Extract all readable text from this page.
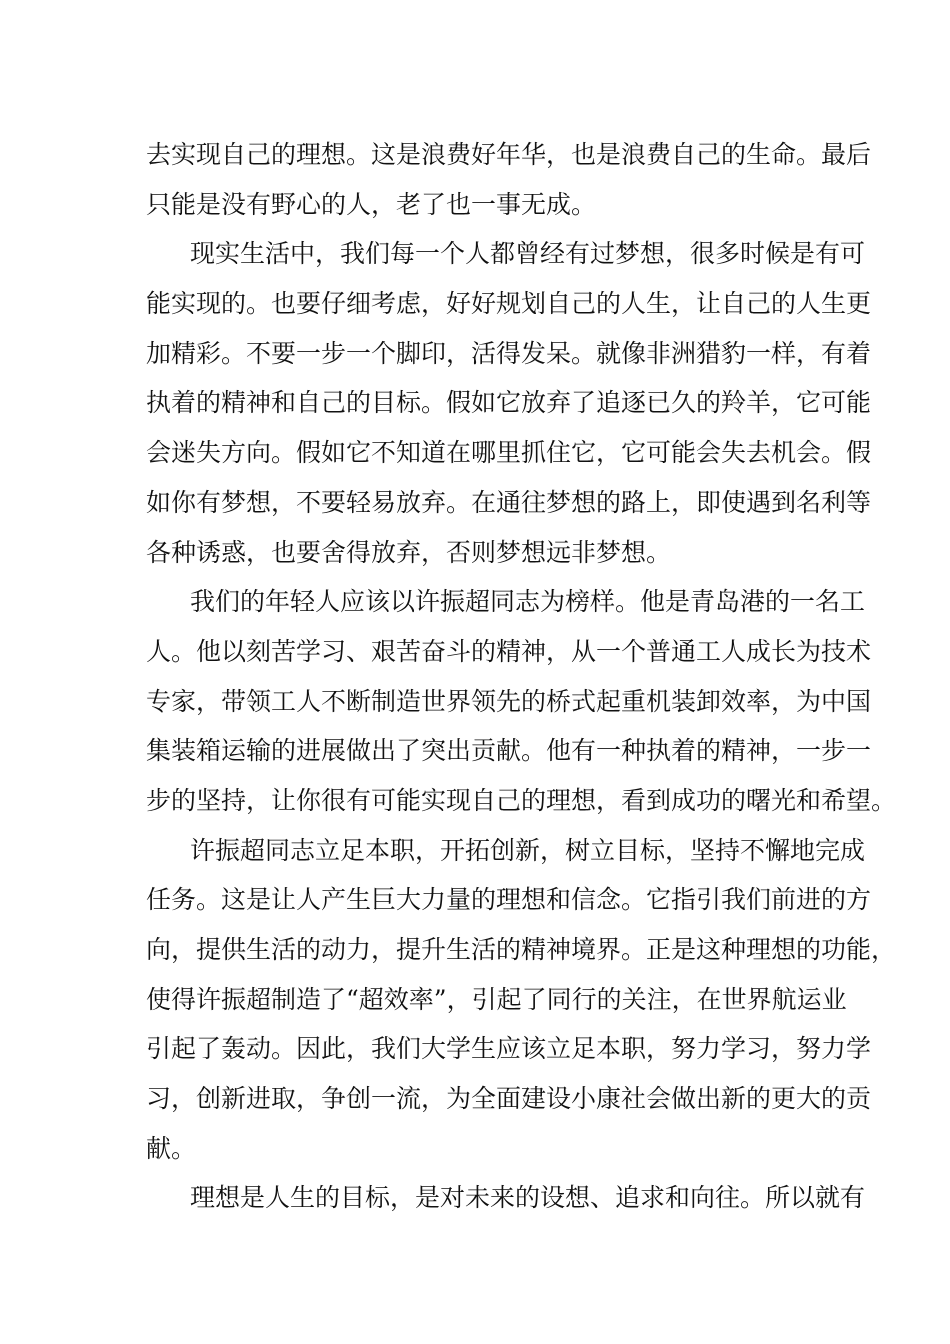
去实现自己的理想。这是浪费好年华，也是浪费自己的生命。最后
只能是没有野心的人，老了也一事无成。
现实生活中，我们每一个人都曾经有过梦想，很多时候是有可
能实现的。也要仔细考虑，好好规划自己的人生，让自己的人生更
加精彩。不要一步一个脚印，活得发呆。就像非洲猎豹一样，有着
执着的精神和自己的目标。假如它放弃了追逐已久的羚羊，它可能
会迷失方向。假如它不知道在哪里抓住它，它可能会失去机会。假
如你有梦想，不要轻易放弃。在通往梦想的路上，即使遇到名利等
各种诱惑，也要舍得放弃，否则梦想远非梦想。
我们的年轻人应该以许振超同志为榜样。他是青岛港的一名工
人。他以刻苦学习、艰苦奋斗的精神，从一个普通工人成长为技术
专家，带领工人不断制造世界领先的桥式起重机装卸效率，为中国
集装箱运输的进展做出了突出贡献。他有一种执着的精神，一步一
步的坚持，让你很有可能实现自己的理想，看到成功的曙光和希望。
许振超同志立足本职，开拓创新，树立目标，坚持不懈地完成
任务。这是让人产生巨大力量的理想和信念。它指引我们前进的方
向，提供生活的动力，提升生活的精神境界。正是这种理想的功能，
使得许振超制造了“超效率”，引起了同行的关注，在世界航运业
引起了轰动。因此，我们大学生应该立足本职，努力学习，努力学
习，创新进取，争创一流，为全面建设小康社会做出新的更大的贡
献。
理想是人生的目标，是对未来的设想、追求和向往。所以就有
